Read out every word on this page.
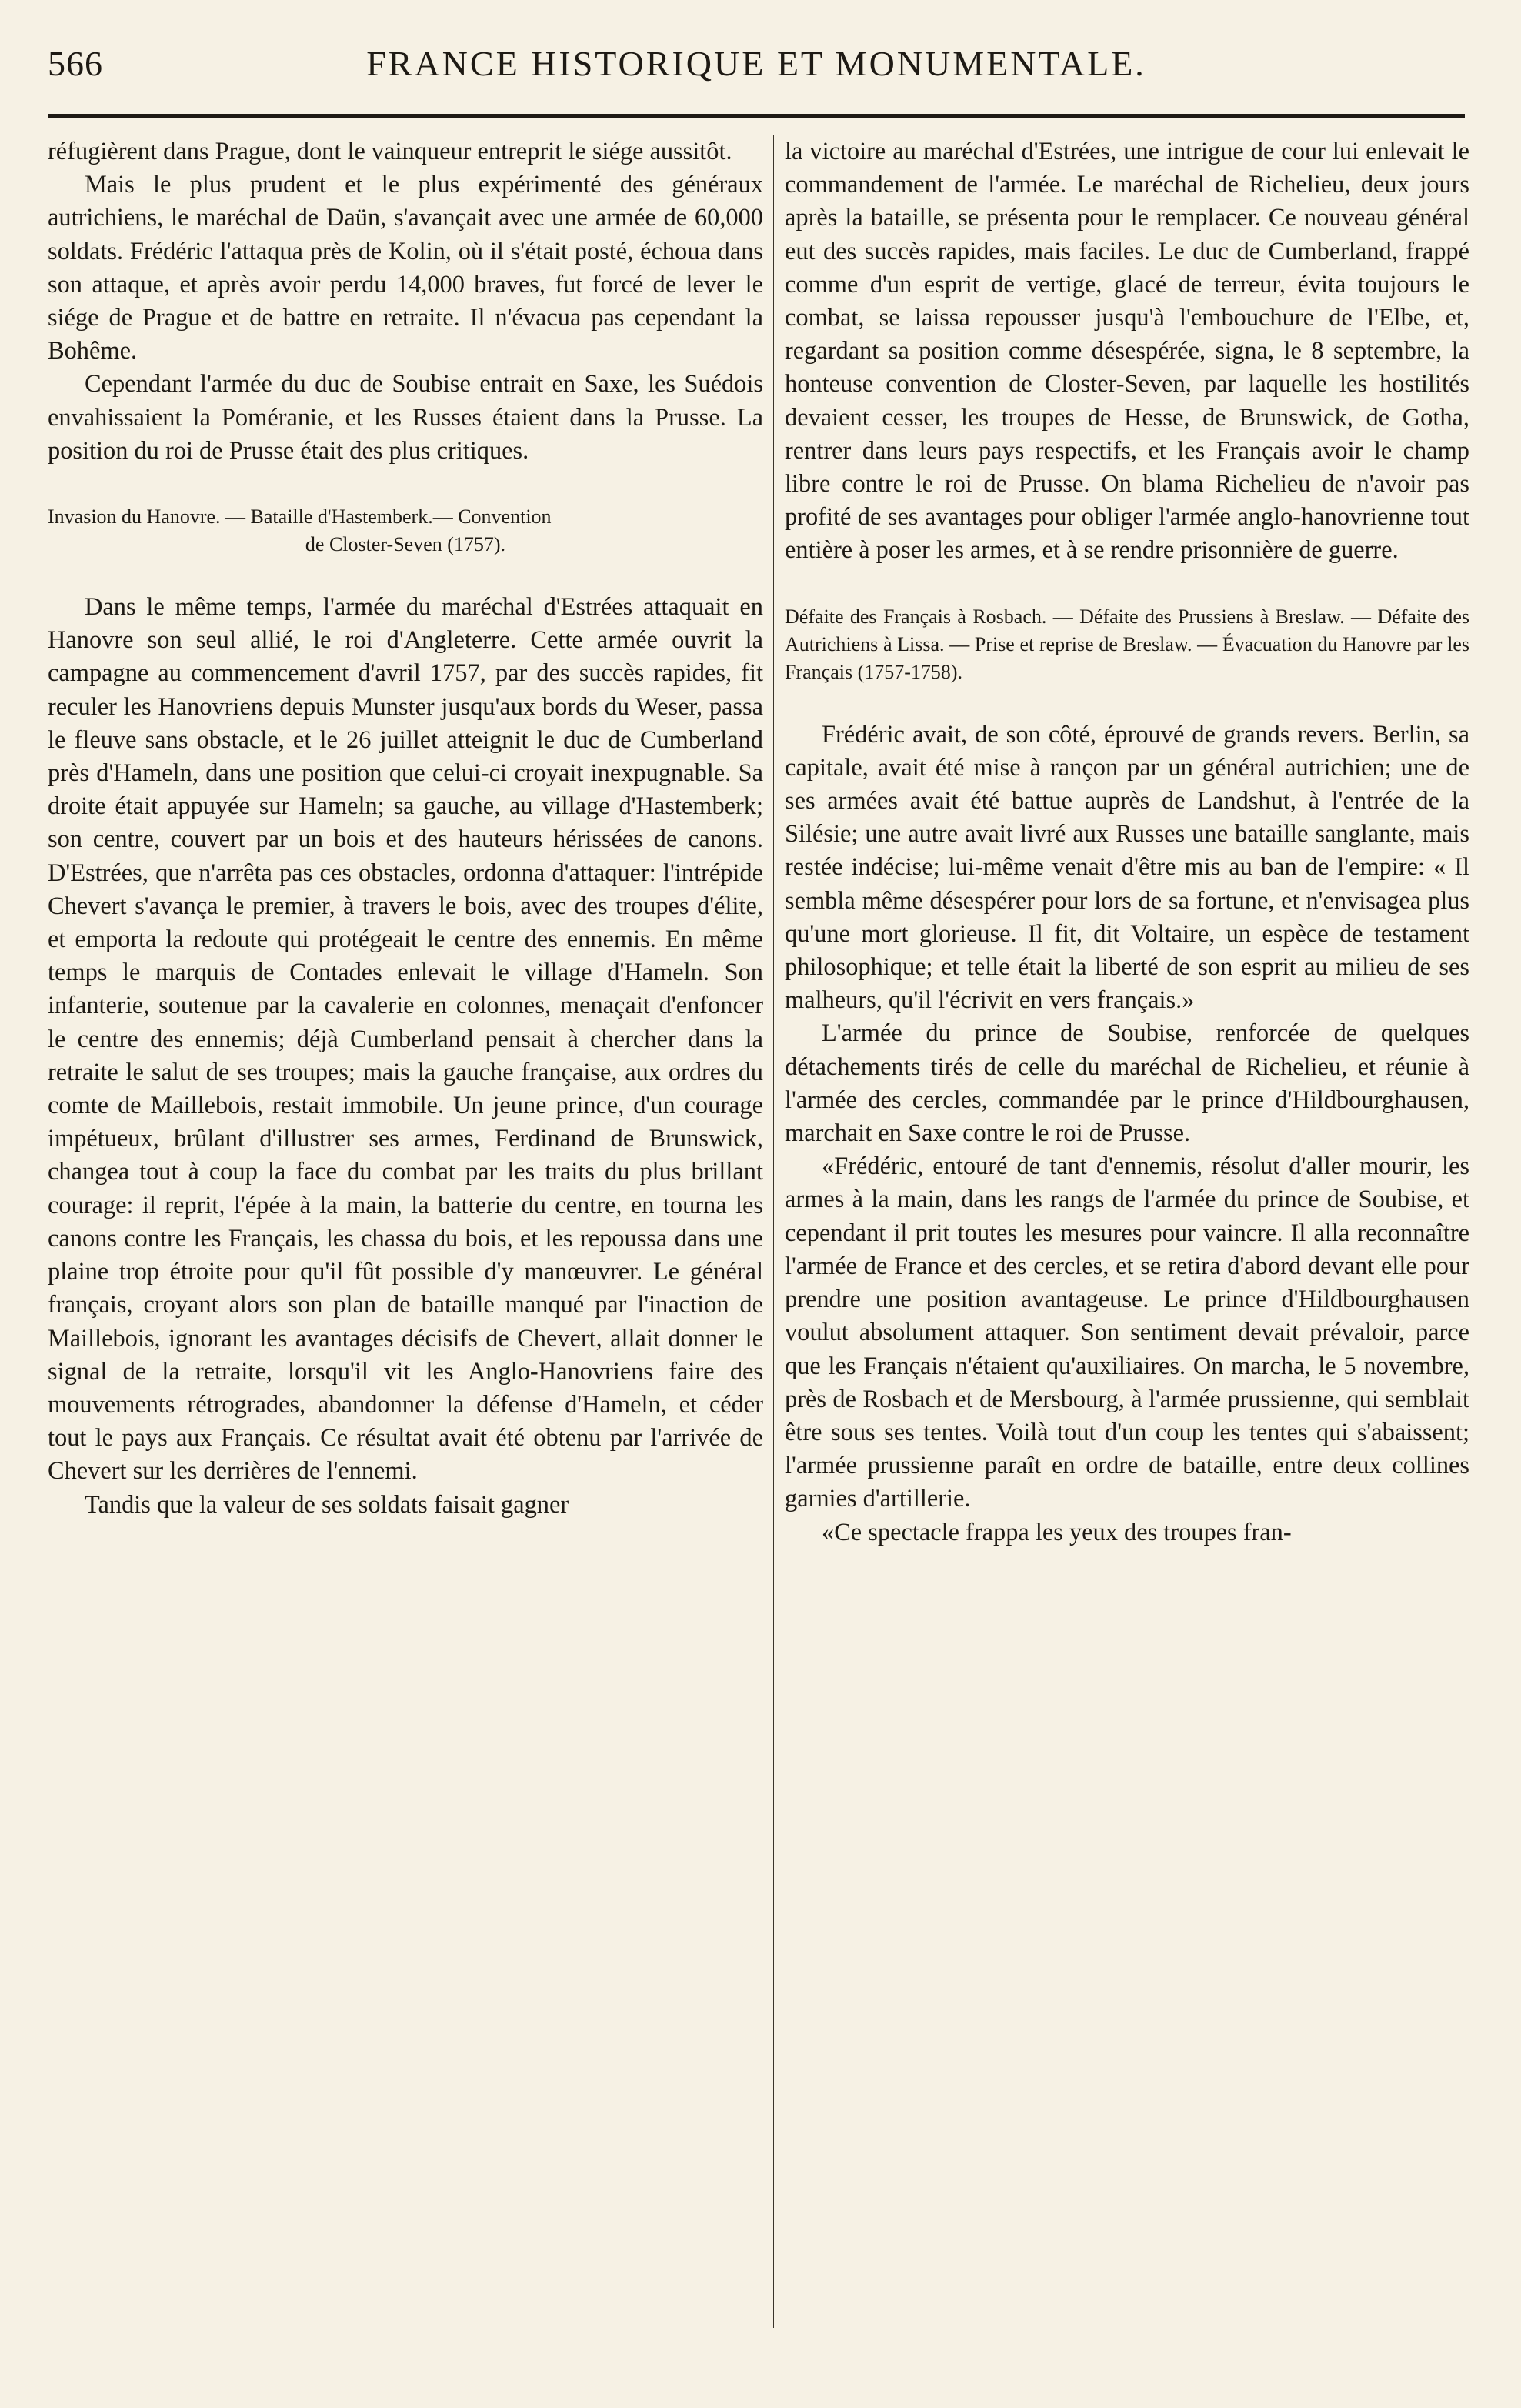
566	FRANCE HISTORIQUE ET MONUMENTALE.

réfugièrent dans Prague, dont le vainqueur entreprit le siége aussitôt.

Mais le plus prudent et le plus expérimenté des généraux autrichiens, le maréchal de Daün, s'avançait avec une armée de 60,000 soldats. Frédéric l'attaqua près de Kolin, où il s'était posté, échoua dans son attaque, et après avoir perdu 14,000 braves, fut forcé de lever le siége de Prague et de battre en retraite. Il n'évacua pas cependant la Bohême.

Cependant l'armée du duc de Soubise entrait en Saxe, les Suédois envahissaient la Poméranie, et les Russes étaient dans la Prusse. La position du roi de Prusse était des plus critiques.

Invasion du Hanovre. — Bataille d'Hastemberk.— Convention

de Closter-Seven (1757).

Dans le même temps, l'armée du maréchal d'Estrées attaquait en Hanovre son seul allié, le roi d'Angleterre. Cette armée ouvrit la campagne au commencement d'avril 1757, par des succès rapides, fit reculer les Hanovriens depuis Munster jusqu'aux bords du Weser, passa le fleuve sans obstacle, et le 26 juillet atteignit le duc de Cumberland près d'Hameln, dans une position que celui-ci croyait inexpugnable. Sa droite était appuyée sur Hameln; sa gauche, au village d'Hastemberk; son centre, couvert par un bois et des hauteurs hérissées de canons. D'Estrées, que n'arrêta pas ces obstacles, ordonna d'attaquer: l'intrépide Chevert s'avança le premier, à travers le bois, avec des troupes d'élite, et emporta la redoute qui protégeait le centre des ennemis. En même temps le marquis de Contades enlevait le village d'Hameln. Son infanterie, soutenue par la cavalerie en colonnes, menaçait d'enfoncer le centre des ennemis; déjà Cumberland pensait à chercher dans la retraite le salut de ses troupes; mais la gauche française, aux ordres du comte de Maillebois, restait immobile. Un jeune prince, d'un courage impétueux, brûlant d'illustrer ses armes, Ferdinand de Brunswick, changea tout à coup la face du combat par les traits du plus brillant courage: il reprit, l'épée à la main, la batterie du centre, en tourna les canons contre les Français, les chassa du bois, et les repoussa dans une plaine trop étroite pour qu'il fût possible d'y manœuvrer. Le général français, croyant alors son plan de bataille manqué par l'inaction de Maillebois, ignorant les avantages décisifs de Chevert, allait donner le signal de la retraite, lorsqu'il vit les Anglo-Hanovriens faire des mouvements rétrogrades, abandonner la défense d'Hameln, et céder tout le pays aux Français. Ce résultat avait été obtenu par l'arrivée de Chevert sur les derrières de l'ennemi.

Tandis que la valeur de ses soldats faisait gagner

la victoire au maréchal d'Estrées, une intrigue de cour lui enlevait le commandement de l'armée. Le maréchal de Richelieu, deux jours après la bataille, se présenta pour le remplacer. Ce nouveau général eut des succès rapides, mais faciles. Le duc de Cumberland, frappé comme d'un esprit de vertige, glacé de terreur, évita toujours le combat, se laissa repousser jusqu'à l'embouchure de l'Elbe, et, regardant sa position comme désespérée, signa, le 8 septembre, la honteuse convention de Closter-Seven, par laquelle les hostilités devaient cesser, les troupes de Hesse, de Brunswick, de Gotha, rentrer dans leurs pays respectifs, et les Français avoir le champ libre contre le roi de Prusse. On blama Richelieu de n'avoir pas profité de ses avantages pour obliger l'armée anglo-hanovrienne tout entière à poser les armes, et à se rendre prisonnière de guerre.

Défaite des Français à Rosbach. — Défaite des Prussiens à Breslaw. — Défaite des Autrichiens à Lissa. — Prise et reprise de Breslaw. — Évacuation du Hanovre par les Français (1757-1758).

Frédéric avait, de son côté, éprouvé de grands revers. Berlin, sa capitale, avait été mise à rançon par un général autrichien; une de ses armées avait été battue auprès de Landshut, à l'entrée de la Silésie; une autre avait livré aux Russes une bataille sanglante, mais restée indécise; lui-même venait d'être mis au ban de l'empire: « Il sembla même désespérer pour lors de sa fortune, et n'envisagea plus qu'une mort glorieuse. Il fit, dit Voltaire, un espèce de testament philosophique; et telle était la liberté de son esprit au milieu de ses malheurs, qu'il l'écrivit en vers français.»

L'armée du prince de Soubise, renforcée de quelques détachements tirés de celle du maréchal de Richelieu, et réunie à l'armée des cercles, commandée par le prince d'Hildbourghausen, marchait en Saxe contre le roi de Prusse.

«Frédéric, entouré de tant d'ennemis, résolut d'aller mourir, les armes à la main, dans les rangs de l'armée du prince de Soubise, et cependant il prit toutes les mesures pour vaincre. Il alla reconnaître l'armée de France et des cercles, et se retira d'abord devant elle pour prendre une position avantageuse. Le prince d'Hildbourghausen voulut absolument attaquer. Son sentiment devait prévaloir, parce que les Français n'étaient qu'auxiliaires. On marcha, le 5 novembre, près de Rosbach et de Mersbourg, à l'armée prussienne, qui semblait être sous ses tentes. Voilà tout d'un coup les tentes qui s'abaissent; l'armée prussienne paraît en ordre de bataille, entre deux collines garnies d'artillerie.

«Ce spectacle frappa les yeux des troupes fran-
